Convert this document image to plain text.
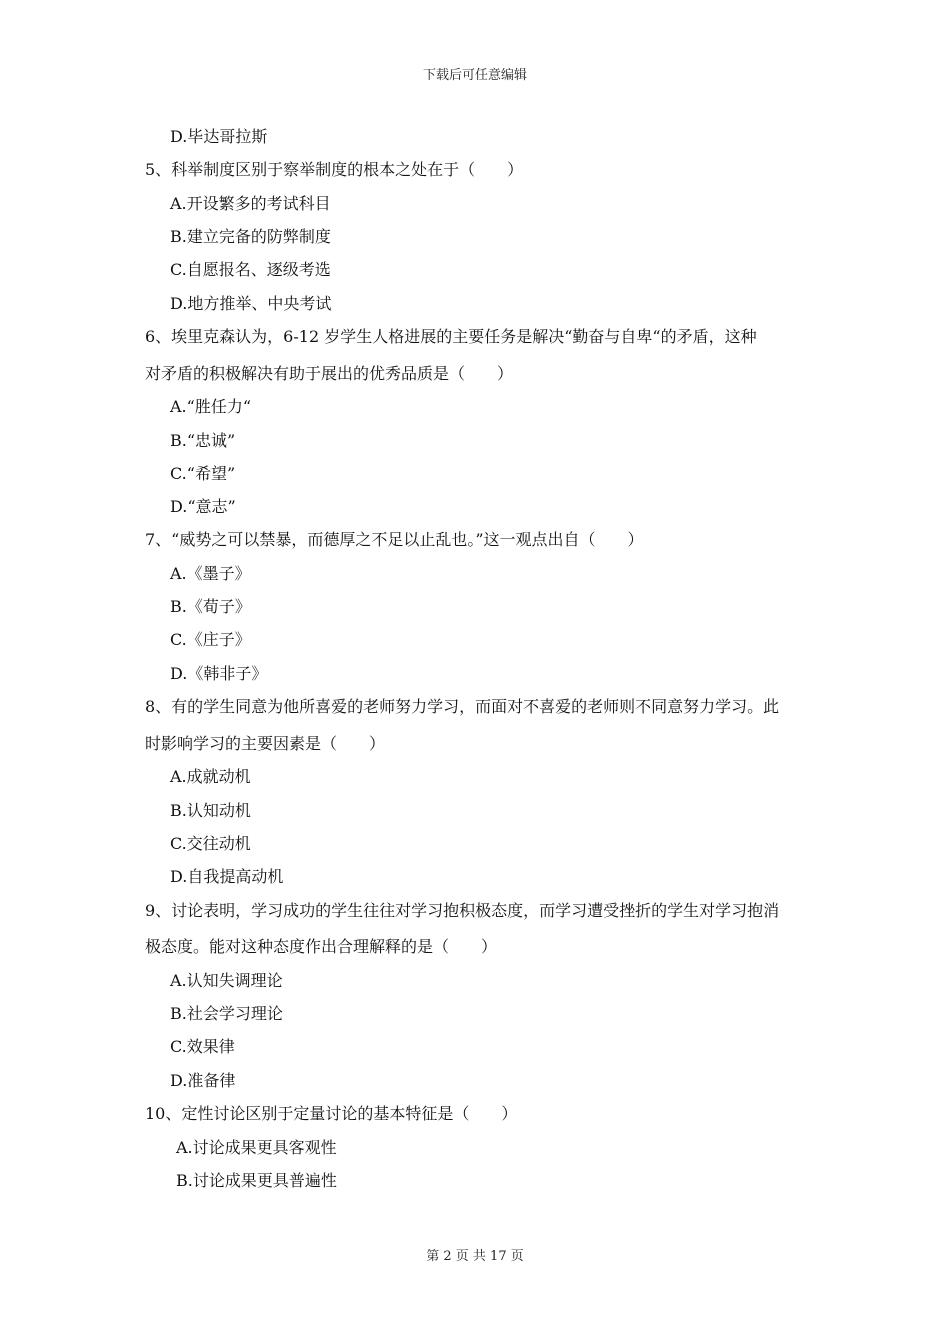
下载后可任意编辑
D.毕达哥拉斯
5、科举制度区别于察举制度的根本之处在于（　　）
A.开设繁多的考试科目
B.建立完备的防弊制度
C.自愿报名、逐级考选
D.地方推举、中央考试
6、埃里克森认为，6-12 岁学生人格进展的主要任务是解决“勤奋与自卑“的矛盾，这种
对矛盾的积极解决有助于展出的优秀品质是（　　）
A.“胜任力“
B.“忠诚”
C.“希望”
D.“意志”
7、“威势之可以禁暴，而德厚之不足以止乱也。”这一观点出自（　　）
A.《墨子》
B.《荀子》
C.《庄子》
D.《韩非子》
8、有的学生同意为他所喜爱的老师努力学习，而面对不喜爱的老师则不同意努力学习。此
时影响学习的主要因素是（　　）
A.成就动机
B.认知动机
C.交往动机
D.自我提高动机
9、讨论表明，学习成功的学生往往对学习抱积极态度，而学习遭受挫折的学生对学习抱消
极态度。能对这种态度作出合理解释的是（　　）
A.认知失调理论
B.社会学习理论
C.效果律
D.准备律
10、定性讨论区别于定量讨论的基本特征是（　　）
A.讨论成果更具客观性
B.讨论成果更具普遍性
第 2 页 共 17 页
